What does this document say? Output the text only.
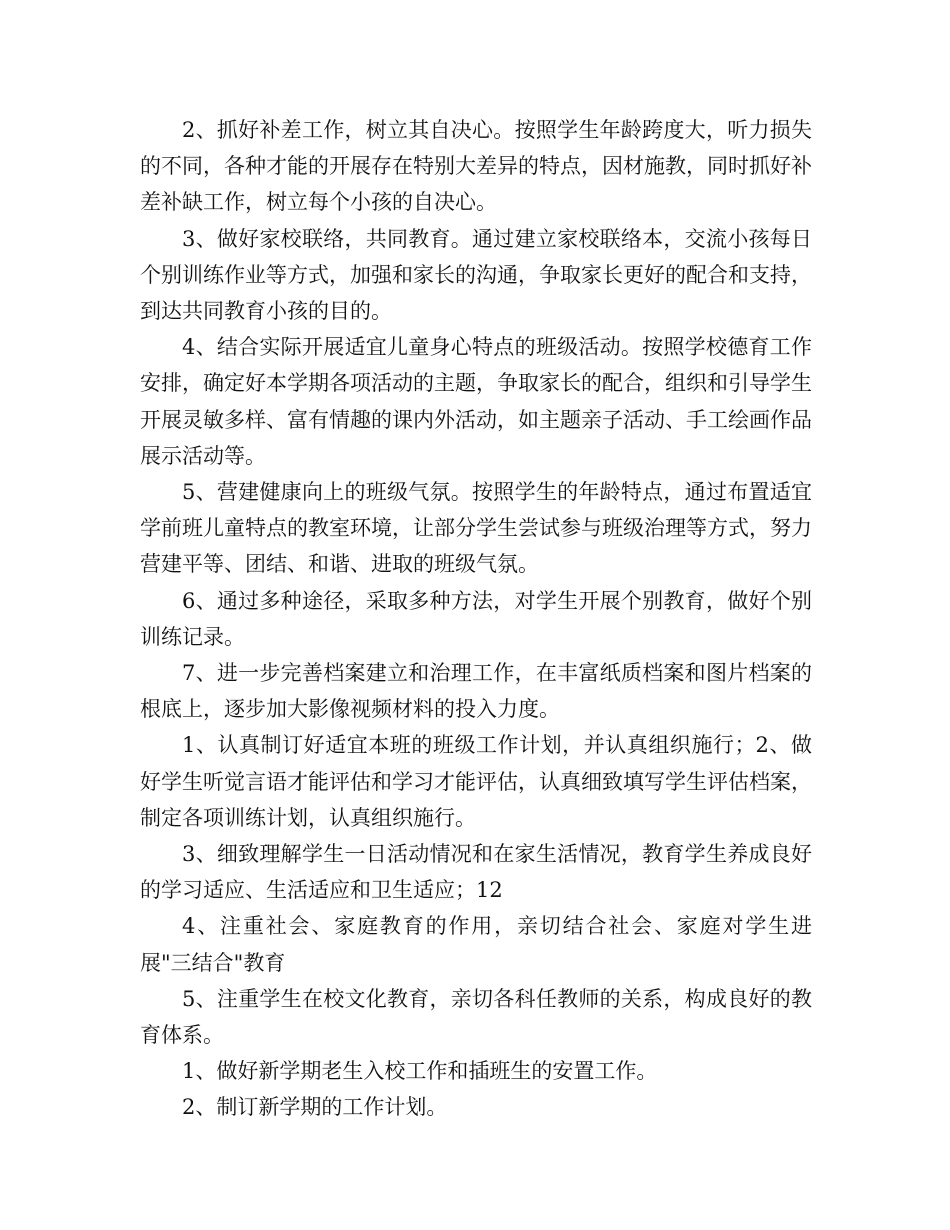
2、抓好补差工作，树立其自决心。按照学生年龄跨度大，听力损失的不同，各种才能的开展存在特别大差异的特点，因材施教，同时抓好补差补缺工作，树立每个小孩的自决心。

3、做好家校联络，共同教育。通过建立家校联络本，交流小孩每日个别训练作业等方式，加强和家长的沟通，争取家长更好的配合和支持，到达共同教育小孩的目的。

4、结合实际开展适宜儿童身心特点的班级活动。按照学校德育工作安排，确定好本学期各项活动的主题，争取家长的配合，组织和引导学生开展灵敏多样、富有情趣的课内外活动，如主题亲子活动、手工绘画作品展示活动等。

5、营建健康向上的班级气氛。按照学生的年龄特点，通过布置适宜学前班儿童特点的教室环境，让部分学生尝试参与班级治理等方式，努力营建平等、团结、和谐、进取的班级气氛。

6、通过多种途径，采取多种方法，对学生开展个别教育，做好个别训练记录。

7、进一步完善档案建立和治理工作，在丰富纸质档案和图片档案的根底上，逐步加大影像视频材料的投入力度。

1、认真制订好适宜本班的班级工作计划，并认真组织施行；2、做好学生听觉言语才能评估和学习才能评估，认真细致填写学生评估档案，制定各项训练计划，认真组织施行。

3、细致理解学生一日活动情况和在家生活情况，教育学生养成良好的学习适应、生活适应和卫生适应；12

4、注重社会、家庭教育的作用，亲切结合社会、家庭对学生进展"三结合"教育

5、注重学生在校文化教育，亲切各科任教师的关系，构成良好的教育体系。

1、做好新学期老生入校工作和插班生的安置工作。

2、制订新学期的工作计划。
